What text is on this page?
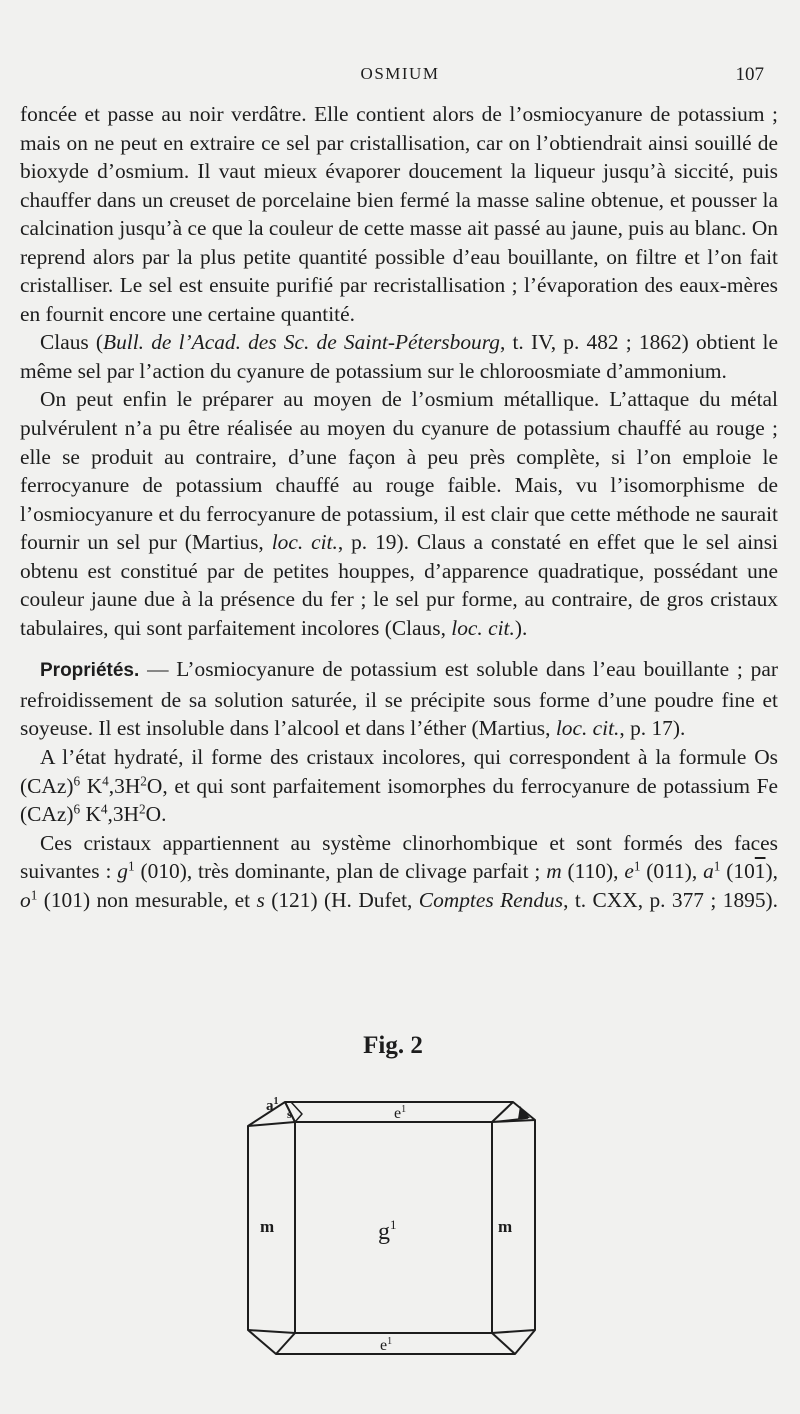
OSMIUM	107

foncée et passe au noir verdâtre. Elle contient alors de l’osmiocyanure de potassium ; mais on ne peut en extraire ce sel par cristallisation, car on l’obtiendrait ainsi souillé de bioxyde d’osmium. Il vaut mieux évaporer doucement la liqueur jusqu’à siccité, puis chauffer dans un creuset de porcelaine bien fermé la masse saline obtenue, et pousser la calcination jusqu’à ce que la couleur de cette masse ait passé au jaune, puis au blanc. On reprend alors par la plus petite quantité possible d’eau bouillante, on filtre et l’on fait cristalliser. Le sel est ensuite purifié par recristallisation ; l’évaporation des eaux-mères en fournit encore une certaine quantité.

Claus (Bull. de l’Acad. des Sc. de Saint-Pétersbourg, t. IV, p. 482 ; 1862) obtient le même sel par l’action du cyanure de potassium sur le chloroosmiate d’ammonium.

On peut enfin le préparer au moyen de l’osmium métallique. L’attaque du métal pulvérulent n’a pu être réalisée au moyen du cyanure de potassium chauffé au rouge ; elle se produit au contraire, d’une façon à peu près complète, si l’on emploie le ferrocyanure de potassium chauffé au rouge faible. Mais, vu l’isomorphisme de l’osmiocyanure et du ferrocyanure de potassium, il est clair que cette méthode ne saurait fournir un sel pur (Martius, loc. cit., p. 19). Claus a constaté en effet que le sel ainsi obtenu est constitué par de petites houppes, d’apparence quadratique, possédant une couleur jaune due à la présence du fer ; le sel pur forme, au contraire, de gros cristaux tabulaires, qui sont parfaitement incolores (Claus, loc. cit.).

Propriétés. — L’osmiocyanure de potassium est soluble dans l’eau bouillante ; par refroidissement de sa solution saturée, il se précipite sous forme d’une poudre fine et soyeuse. Il est insoluble dans l’alcool et dans l’éther (Martius, loc. cit., p. 17).

A l’état hydraté, il forme des cristaux incolores, qui correspondent à la formule Os (CAz)$^6$ $K^4,3H^2O$, et qui sont parfaitement isomorphes du ferrocyanure de potassium Fe (CAz)$^6$ $K^4,3H^2O$.

Ces cristaux appartiennent au système clinorhombique et sont formés des faces suivantes : $g^1$ (010), très dominante, plan de clivage parfait ; m (110), $e^1$ (011), $a^1$ (101), $o^1$ (101) non mesurable, et s (121) (H. Dufet, Comptes Rendus, t. CXX, p. 377 ; 1895).

Fig. 2
$a^1$
s	$e^1$
m	$g^1$	m
$e^1$
